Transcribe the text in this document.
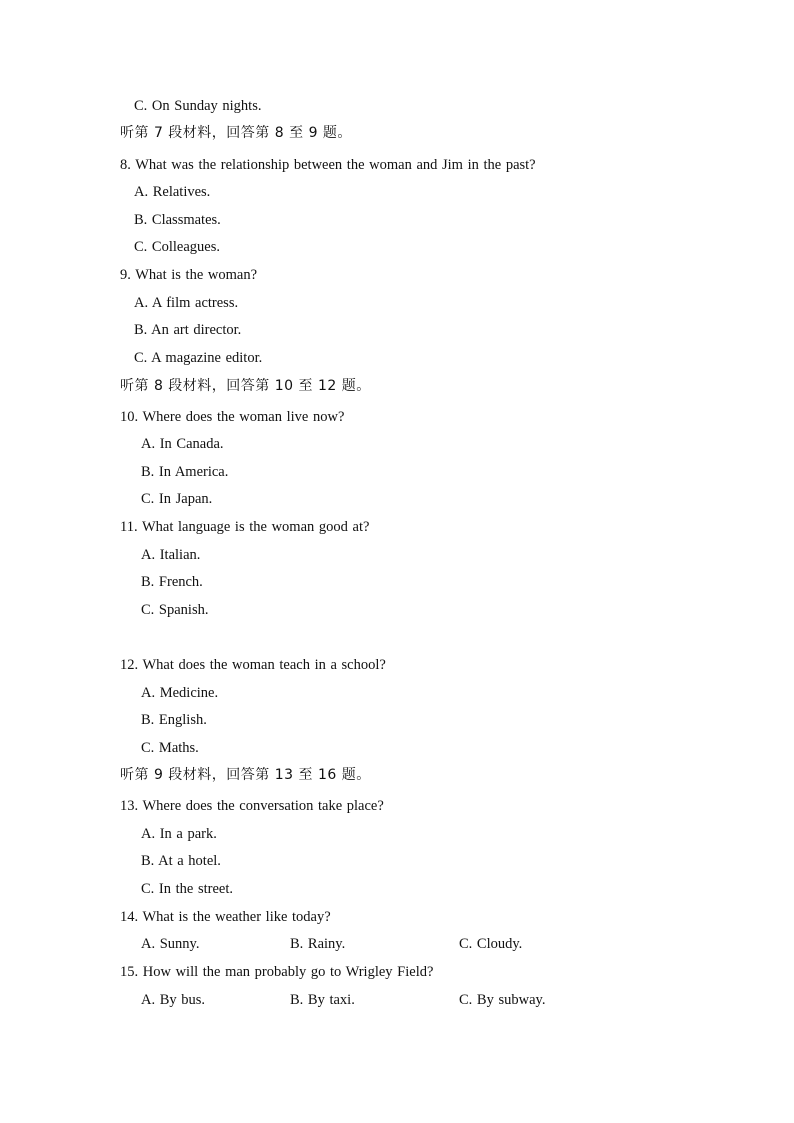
C. On Sunday nights.
听第 7 段材料，回答第 8 至 9 题。
8. What was the relationship between the woman and Jim in the past?
A. Relatives.
B. Classmates.
C. Colleagues.
9. What is the woman?
A. A film actress.
B. An art director.
C. A magazine editor.
听第 8 段材料，回答第 10 至 12 题。
10. Where does the woman live now?
A. In Canada.
B. In America.
C. In Japan.
11. What language is the woman good at?
A. Italian.
B. French.
C. Spanish.
12. What does the woman teach in a school?
A. Medicine.
B. English.
C. Maths.
听第 9 段材料，回答第 13 至 16 题。
13. Where does the conversation take place?
A. In a park.
B. At a hotel.
C. In the street.
14. What is the weather like today?
A. Sunny.	B. Rainy.	C. Cloudy.
15. How will the man probably go to Wrigley Field?
A. By bus.	B. By taxi.	C. By subway.
